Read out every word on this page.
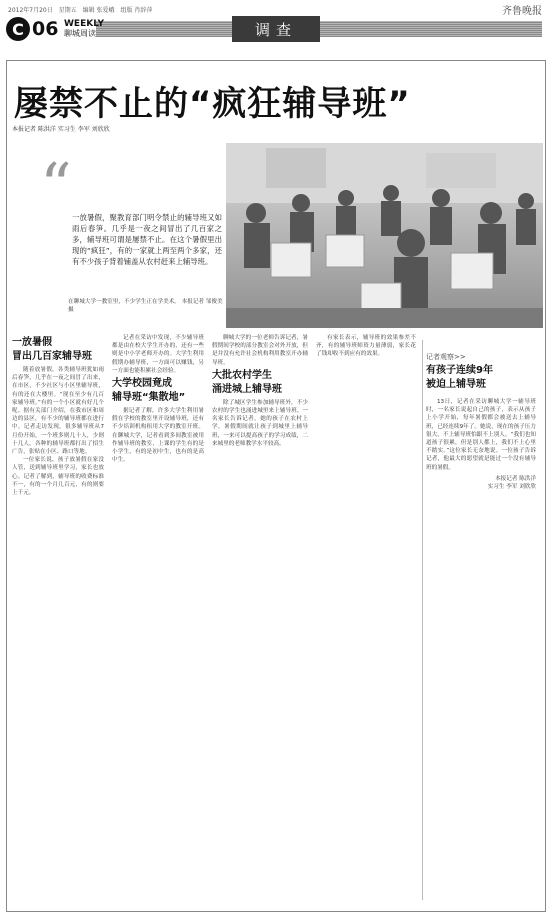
2012年7月20日 星期五 编辑 张爱峨 组版 肖辞萍	齐鲁晚报
C 06 WEEKLY
聊城周读	调查
屡禁不止的“疯狂辅导班”
本报记者 陈洪洋 实习生 李军 刘欣欣
“ 一放暑假，聚教育部门明令禁止的辅导班又如雨后春笋。几乎是一夜之间冒出了几百家之多，辅导班可谓是屡禁不止。在这个暑假里出现的“疯狂”，有的一家就上两至两个多家，还有不少孩子背着铺盖从农村赶来上辅导班。
在聊城大学一教室里，不少学生正在学美术。 本报记者 邹俊美 摄
一放暑假
冒出几百家辅导班

随着放暑假，各类辅导班犹如雨后春笋，几乎在一夜之间冒了出来，在市区，不少社区与小区里辅导班，有的还在大楼里。“现在至少有几百家辅导班。”有的一个小区就有好几个呢。据有关部门介绍，在我市区和周边的县区，有不少的辅导班都在进行中。记者走访发现，很多辅导班从7月份开始，一个班多则几十人，少则十几人。各种的辅导班都打出了招生广告，张贴在小区、路口等地。

一位家长说，孩子放暑假在家没人管，送到辅导班里学习，家长也放心。记者了解到，辅导班的收费标准不一，有的一个月几百元，有的则要上千元。

记者在采访中发现，不少辅导班都是由在校大学生开办的，还有一些则是中小学老师开办的。大学生利用假期办辅导班，一方面可以赚钱，另一方面也能积累社会经验。

大学校园竟成
辅导班“集散地”

据记者了解，许多大学生利用暑假在学校的教室里开设辅导班，还有不少培训机构租用大学的教室开班。在聊城大学，记者看到多间教室被用作辅导班的教室，上课的学生有的是小学生，有的是初中生，也有的是高中生。

聊城大学的一位老师告诉记者，暑假期间学校的部分教室会对外开放，但是并没有允许社会机构利用教室开办辅导班。

大批农村学生
涌进城上辅导班

除了城区学生参加辅导班外，不少农村的学生也涌进城里来上辅导班。一名家长告诉记者，她的孩子在农村上学，暑假期间就让孩子到城里上辅导班，一来可以提高孩子的学习成绩，二来城里的老师教学水平较高。

有家长表示，辅导班的效果参差不齐，有的辅导班师资力量薄弱，家长花了钱却收不到应有的效果。	记者观察>>
有孩子连续9年
被迫上辅导班

13日，记者在采访聊城大学一辅导班时，一名家长说起自己的孩子，表示从孩子上小学开始，每年暑假都会被送去上辅导班，已经连续9年了。她说，现在的孩子压力很大，不上辅导班怕跟不上别人。“我们也知道孩子很累，但是别人都上，我们不上心里不踏实。”这位家长无奈地说。一位孩子告诉记者，他最大的愿望就是能过一个没有辅导班的暑假。

本报记者 陈洪洋
实习生 李军 刘欣欣
